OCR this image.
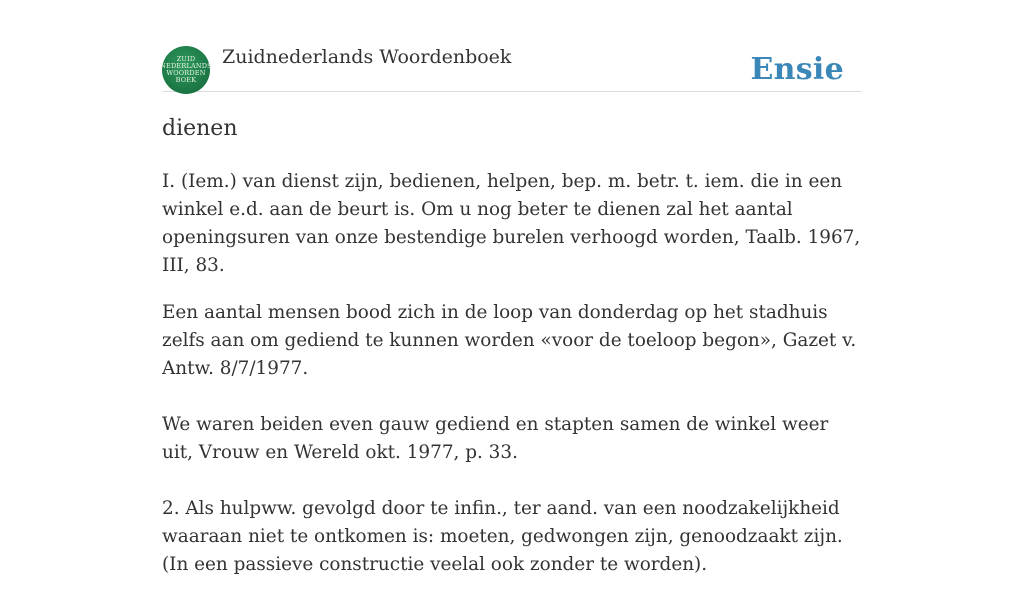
ZUID
NEDERLANDS
WOORDEN
BOEK
Zuidnederlands Woordenboek	Ensie
dienen

I. (Iem.) van dienst zijn, bedienen, helpen, bep. m. betr. t. iem. die in een winkel e.d. aan de beurt is. Om u nog beter te dienen zal het aantal openingsuren van onze bestendige burelen verhoogd worden, Taalb. 1967, III, 83.

Een aantal mensen bood zich in de loop van donderdag op het stadhuis zelfs aan om gediend te kunnen worden «voor de toeloop begon», Gazet v. Antw. 8/7/1977.

We waren beiden even gauw gediend en stapten samen de winkel weer uit, Vrouw en Wereld okt. 1977, p. 33.

2. Als hulpww. gevolgd door te infin., ter aand. van een noodzakelijkheid waaraan niet te ontkomen is: moeten, gedwongen zijn, genoodzaakt zijn. (In een passieve constructie veelal ook zonder te worden).
